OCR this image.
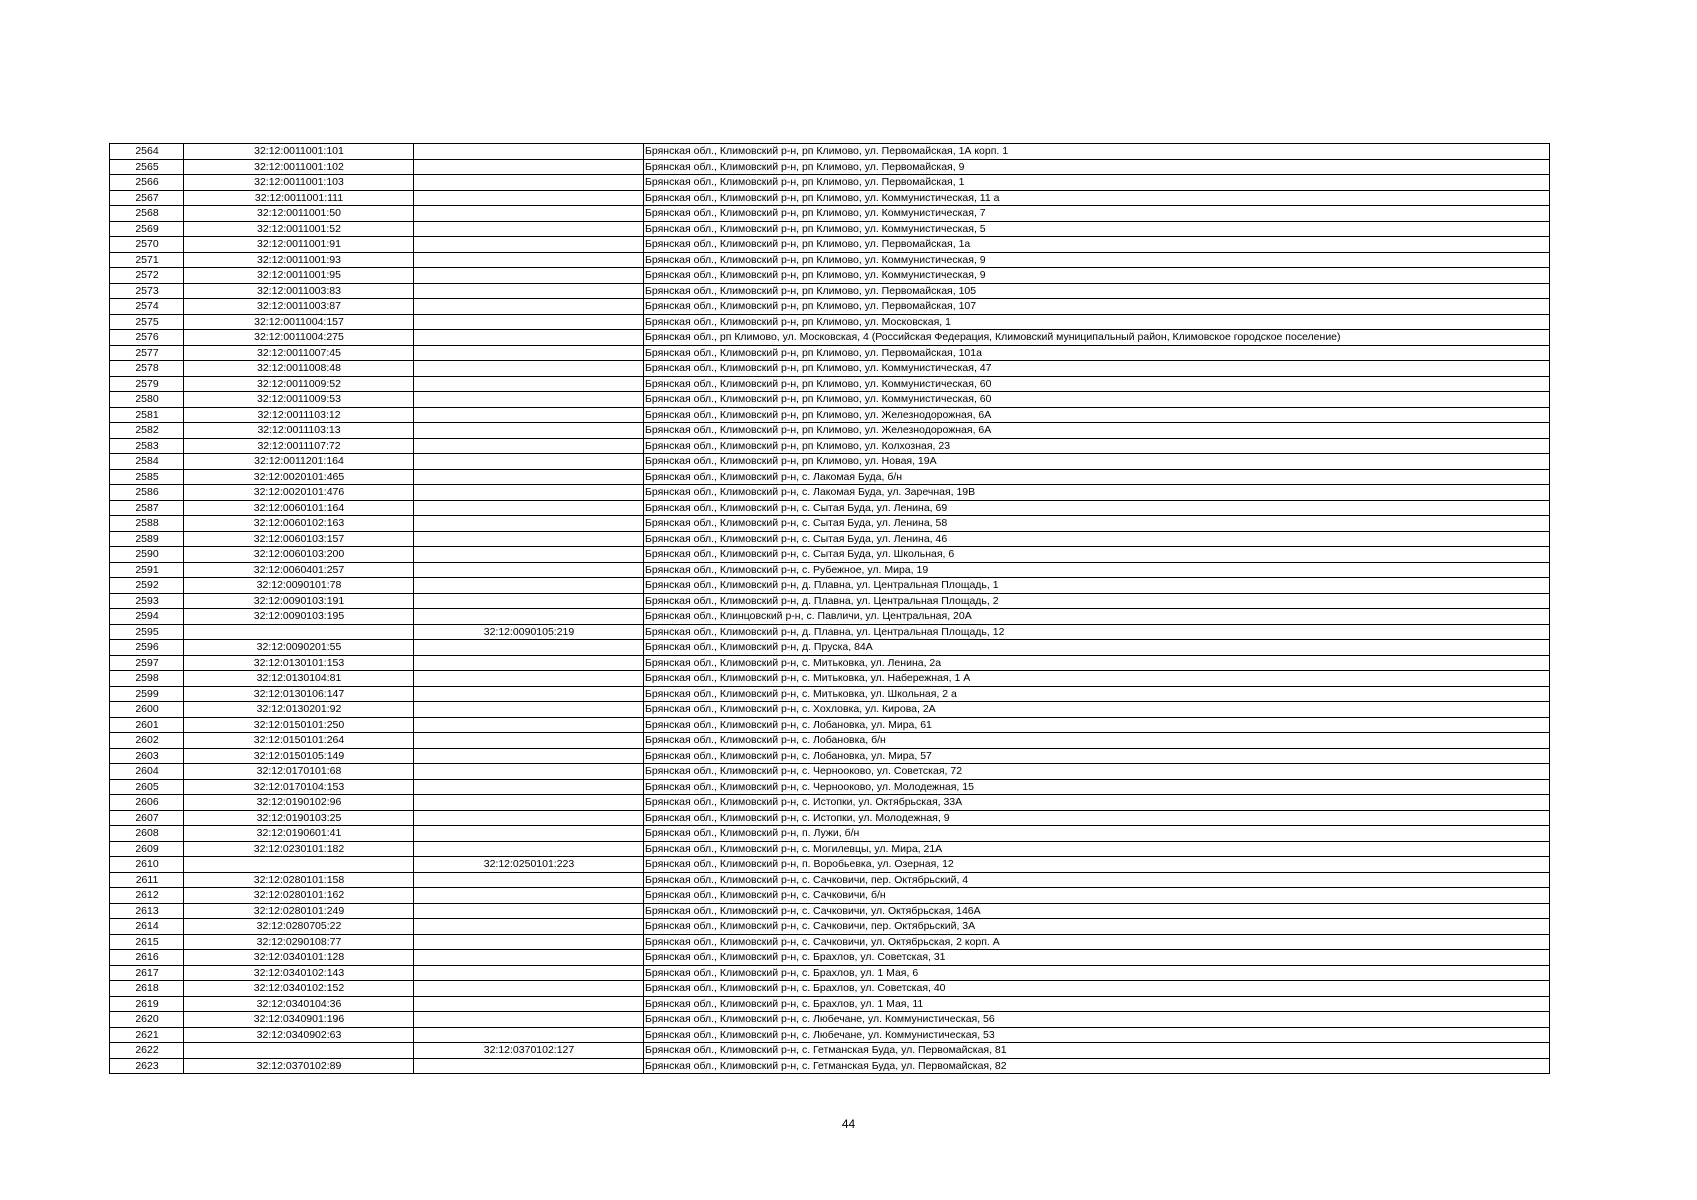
2564	32:12:0011001:101		Брянская обл., Климовский р-н, рп Климово, ул. Первомайская, 1А корп. 1
2565	32:12:0011001:102		Брянская обл., Климовский р-н, рп Климово, ул. Первомайская, 9
2566	32:12:0011001:103		Брянская обл., Климовский р-н, рп Климово, ул. Первомайская, 1
2567	32:12:0011001:111		Брянская обл., Климовский р-н, рп Климово, ул. Коммунистическая, 11 а
2568	32:12:0011001:50		Брянская обл., Климовский р-н, рп Климово, ул. Коммунистическая, 7
2569	32:12:0011001:52		Брянская обл., Климовский р-н, рп Климово, ул. Коммунистическая, 5
2570	32:12:0011001:91		Брянская обл., Климовский р-н, рп Климово, ул. Первомайская, 1а
2571	32:12:0011001:93		Брянская обл., Климовский р-н, рп Климово, ул. Коммунистическая, 9
2572	32:12:0011001:95		Брянская обл., Климовский р-н, рп Климово, ул. Коммунистическая, 9
2573	32:12:0011003:83		Брянская обл., Климовский р-н, рп Климово, ул. Первомайская, 105
2574	32:12:0011003:87		Брянская обл., Климовский р-н, рп Климово, ул. Первомайская, 107
2575	32:12:0011004:157		Брянская обл., Климовский р-н, рп Климово, ул. Московская, 1
2576	32:12:0011004:275		Брянская обл., рп Климово, ул. Московская, 4 (Российская Федерация, Климовский муниципальный район, Климовское городское поселение)
2577	32:12:0011007:45		Брянская обл., Климовский р-н, рп Климово, ул. Первомайская, 101а
2578	32:12:0011008:48		Брянская обл., Климовский р-н, рп Климово, ул. Коммунистическая, 47
2579	32:12:0011009:52		Брянская обл., Климовский р-н, рп Климово, ул. Коммунистическая, 60
2580	32:12:0011009:53		Брянская обл., Климовский р-н, рп Климово, ул. Коммунистическая, 60
2581	32:12:0011103:12		Брянская обл., Климовский р-н, рп Климово, ул. Железнодорожная, 6А
2582	32:12:0011103:13		Брянская обл., Климовский р-н, рп Климово, ул. Железнодорожная, 6А
2583	32:12:0011107:72		Брянская обл., Климовский р-н, рп Климово, ул. Колхозная, 23
2584	32:12:0011201:164		Брянская обл., Климовский р-н, рп Климово, ул. Новая, 19А
2585	32:12:0020101:465		Брянская обл., Климовский р-н, с. Лакомая Буда, б/н
2586	32:12:0020101:476		Брянская обл., Климовский р-н, с. Лакомая Буда, ул. Заречная, 19В
2587	32:12:0060101:164		Брянская обл., Климовский р-н, с. Сытая Буда, ул. Ленина, 69
2588	32:12:0060102:163		Брянская обл., Климовский р-н, с. Сытая Буда, ул. Ленина, 58
2589	32:12:0060103:157		Брянская обл., Климовский р-н, с. Сытая Буда, ул. Ленина, 46
2590	32:12:0060103:200		Брянская обл., Климовский р-н, с. Сытая Буда, ул. Школьная, 6
2591	32:12:0060401:257		Брянская обл., Климовский р-н, с. Рубежное, ул. Мира, 19
2592	32:12:0090101:78		Брянская обл., Климовский р-н, д. Плавна, ул. Центральная Площадь, 1
2593	32:12:0090103:191		Брянская обл., Климовский р-н, д. Плавна, ул. Центральная Площадь, 2
2594	32:12:0090103:195		Брянская обл., Клинцовский р-н, с. Павличи, ул. Центральная, 20А
2595		32:12:0090105:219	Брянская обл., Климовский р-н, д. Плавна, ул. Центральная Площадь, 12
2596	32:12:0090201:55		Брянская обл., Климовский р-н, д. Пруска, 84А
2597	32:12:0130101:153		Брянская обл., Климовский р-н, с. Митьковка, ул. Ленина, 2а
2598	32:12:0130104:81		Брянская обл., Климовский р-н, с. Митьковка, ул. Набережная, 1 А
2599	32:12:0130106:147		Брянская обл., Климовский р-н, с. Митьковка, ул. Школьная, 2 а
2600	32:12:0130201:92		Брянская обл., Климовский р-н, с. Хохловка, ул. Кирова, 2А
2601	32:12:0150101:250		Брянская обл., Климовский р-н, с. Лобановка, ул. Мира, 61
2602	32:12:0150101:264		Брянская обл., Климовский р-н, с. Лобановка, б/н
2603	32:12:0150105:149		Брянская обл., Климовский р-н, с. Лобановка, ул. Мира, 57
2604	32:12:0170101:68		Брянская обл., Климовский р-н, с. Чернооково, ул. Советская, 72
2605	32:12:0170104:153		Брянская обл., Климовский р-н, с. Чернооково, ул. Молодежная, 15
2606	32:12:0190102:96		Брянская обл., Климовский р-н, с. Истопки, ул. Октябрьская, 33А
2607	32:12:0190103:25		Брянская обл., Климовский р-н, с. Истопки, ул. Молодежная, 9
2608	32:12:0190601:41		Брянская обл., Климовский р-н, п. Лужи, б/н
2609	32:12:0230101:182		Брянская обл., Климовский р-н, с. Могилевцы, ул. Мира, 21А
2610		32:12:0250101:223	Брянская обл., Климовский р-н, п. Воробьевка, ул. Озерная, 12
2611	32:12:0280101:158		Брянская обл., Климовский р-н, с. Сачковичи, пер. Октябрьский, 4
2612	32:12:0280101:162		Брянская обл., Климовский р-н, с. Сачковичи, б/н
2613	32:12:0280101:249		Брянская обл., Климовский р-н, с. Сачковичи, ул. Октябрьская, 146А
2614	32:12:0280705:22		Брянская обл., Климовский р-н, с. Сачковичи, пер. Октябрьский, 3А
2615	32:12:0290108:77		Брянская обл., Климовский р-н, с. Сачковичи, ул. Октябрьская, 2 корп. А
2616	32:12:0340101:128		Брянская обл., Климовский р-н, с. Брахлов, ул. Советская, 31
2617	32:12:0340102:143		Брянская обл., Климовский р-н, с. Брахлов, ул. 1 Мая, 6
2618	32:12:0340102:152		Брянская обл., Климовский р-н, с. Брахлов, ул. Советская, 40
2619	32:12:0340104:36		Брянская обл., Климовский р-н, с. Брахлов, ул. 1 Мая, 11
2620	32:12:0340901:196		Брянская обл., Климовский р-н, с. Любечане, ул. Коммунистическая, 56
2621	32:12:0340902:63		Брянская обл., Климовский р-н, с. Любечане, ул. Коммунистическая, 53
2622		32:12:0370102:127	Брянская обл., Климовский р-н, с. Гетманская Буда, ул. Первомайская, 81
2623	32:12:0370102:89		Брянская обл., Климовский р-н, с. Гетманская Буда, ул. Первомайская, 82
44
